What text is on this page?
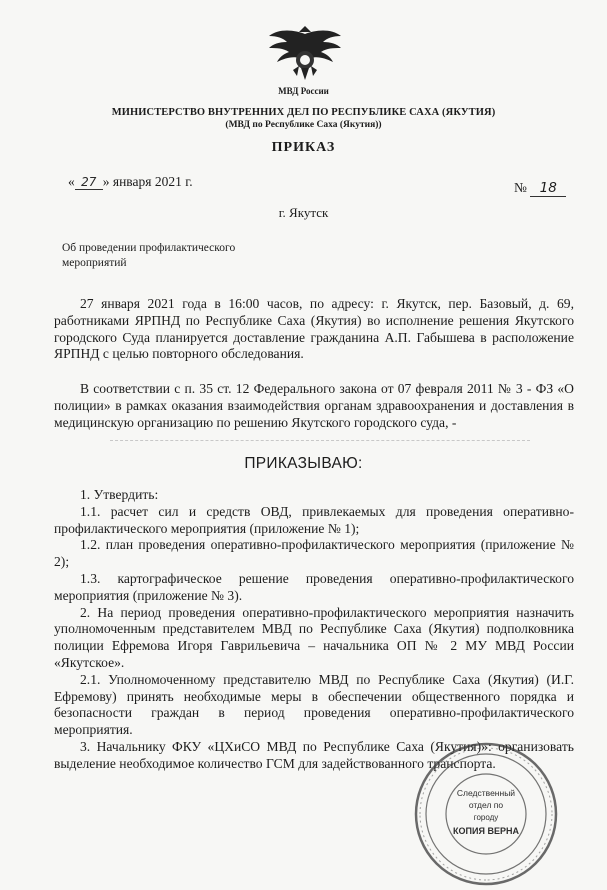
МВД России
МИНИСТЕРСТВО ВНУТРЕННИХ ДЕЛ ПО РЕСПУБЛИКЕ САХА (ЯКУТИЯ)
(МВД по Республике Саха (Якутия))
ПРИКАЗ
« 27 » января 2021 г.	№ 18
г. Якутск
Об проведении профилактического мероприятий

27 января 2021 года в 16:00 часов, по адресу: г. Якутск, пер. Базовый, д. 69, работниками ЯРПНД по Республике Саха (Якутия) во исполнение решения Якутского городского Суда планируется доставление гражданина А.П. Габышева в расположение ЯРПНД с целью повторного обследования.

В соответствии с п. 35 ст. 12 Федерального закона от 07 февраля 2011 № 3 - ФЗ «О полиции» в рамках оказания взаимодействия органам здравоохранения и доставления в медицинскую организацию по решению Якутского городского суда, -

ПРИКАЗЫВАЮ:

1. Утвердить:

1.1. расчет сил и средств ОВД, привлекаемых для проведения оперативно-профилактического мероприятия (приложение № 1);

1.2. план проведения оперативно-профилактического мероприятия (приложение № 2);

1.3. картографическое решение проведения оперативно-профилактического мероприятия (приложение № 3).

2. На период проведения оперативно-профилактического мероприятия назначить уполномоченным представителем МВД по Республике Саха (Якутия) подполковника полиции Ефремова Игоря Гаврильевича – начальника ОП № 2 МУ МВД России «Якутское».

2.1. Уполномоченному представителю МВД по Республике Саха (Якутия) (И.Г. Ефремову) принять необходимые меры в обеспечении общественного порядка и безопасности граждан в период проведения оперативно-профилактического мероприятия.

3. Начальнику ФКУ «ЦХиСО МВД по Республике Саха (Якутия)»: организовать выделение необходимое количество ГСМ для задействованного транспорта.

Следственный
отдел по
городу
КОПИЯ ВЕРНА
